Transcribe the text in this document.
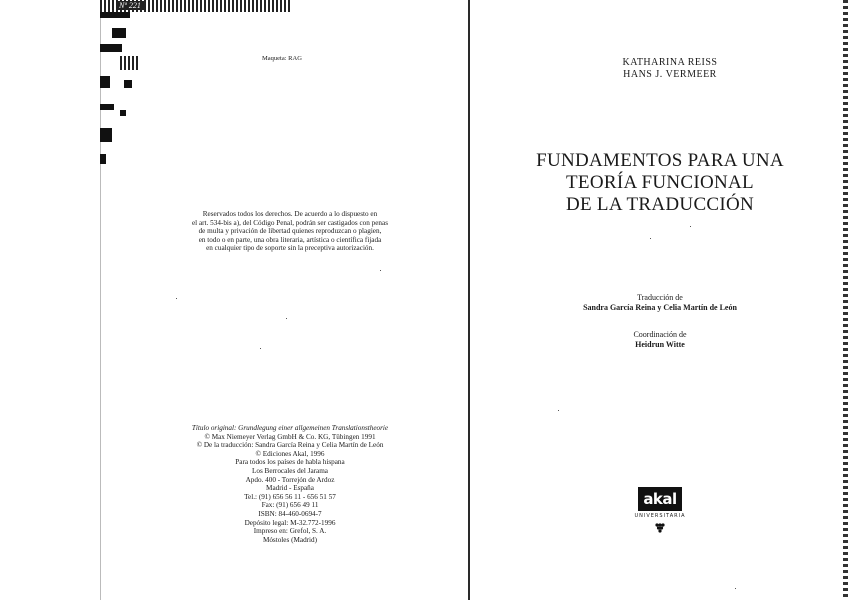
Nº 221
Maqueta: RAG
Reservados todos los derechos. De acuerdo a lo dispuesto en
el art. 534-bis a), del Código Penal, podrán ser castigados con penas
de multa y privación de libertad quienes reproduzcan o plagien,
en todo o en parte, una obra literaria, artística o científica fijada
en cualquier tipo de soporte sin la preceptiva autorización.
Título original: Grundlegung einer allgemeinen Translationstheorie
© Max Niemeyer Verlag GmbH & Co. KG, Tübingen 1991
© De la traducción: Sandra García Reina y Celia Martín de León
© Ediciones Akal, 1996
Para todos los países de habla hispana
Los Berrocales del Jarama
Apdo. 400 - Torrejón de Ardoz
Madrid - España
Tel.: (91) 656 56 11 - 656 51 57
Fax: (91) 656 49 11
ISBN: 84-460-0694-7
Depósito legal: M-32.772-1996
Impreso en: Grefol, S. A.
Móstoles (Madrid)
KATHARINA REISS
HANS J. VERMEER
FUNDAMENTOS PARA UNA
TEORÍA FUNCIONAL
DE LA TRADUCCIÓN
Traducción de
Sandra García Reina y Celia Martín de León
Coordinación de
Heidrun Witte
akal
UNIVERSITARIA
